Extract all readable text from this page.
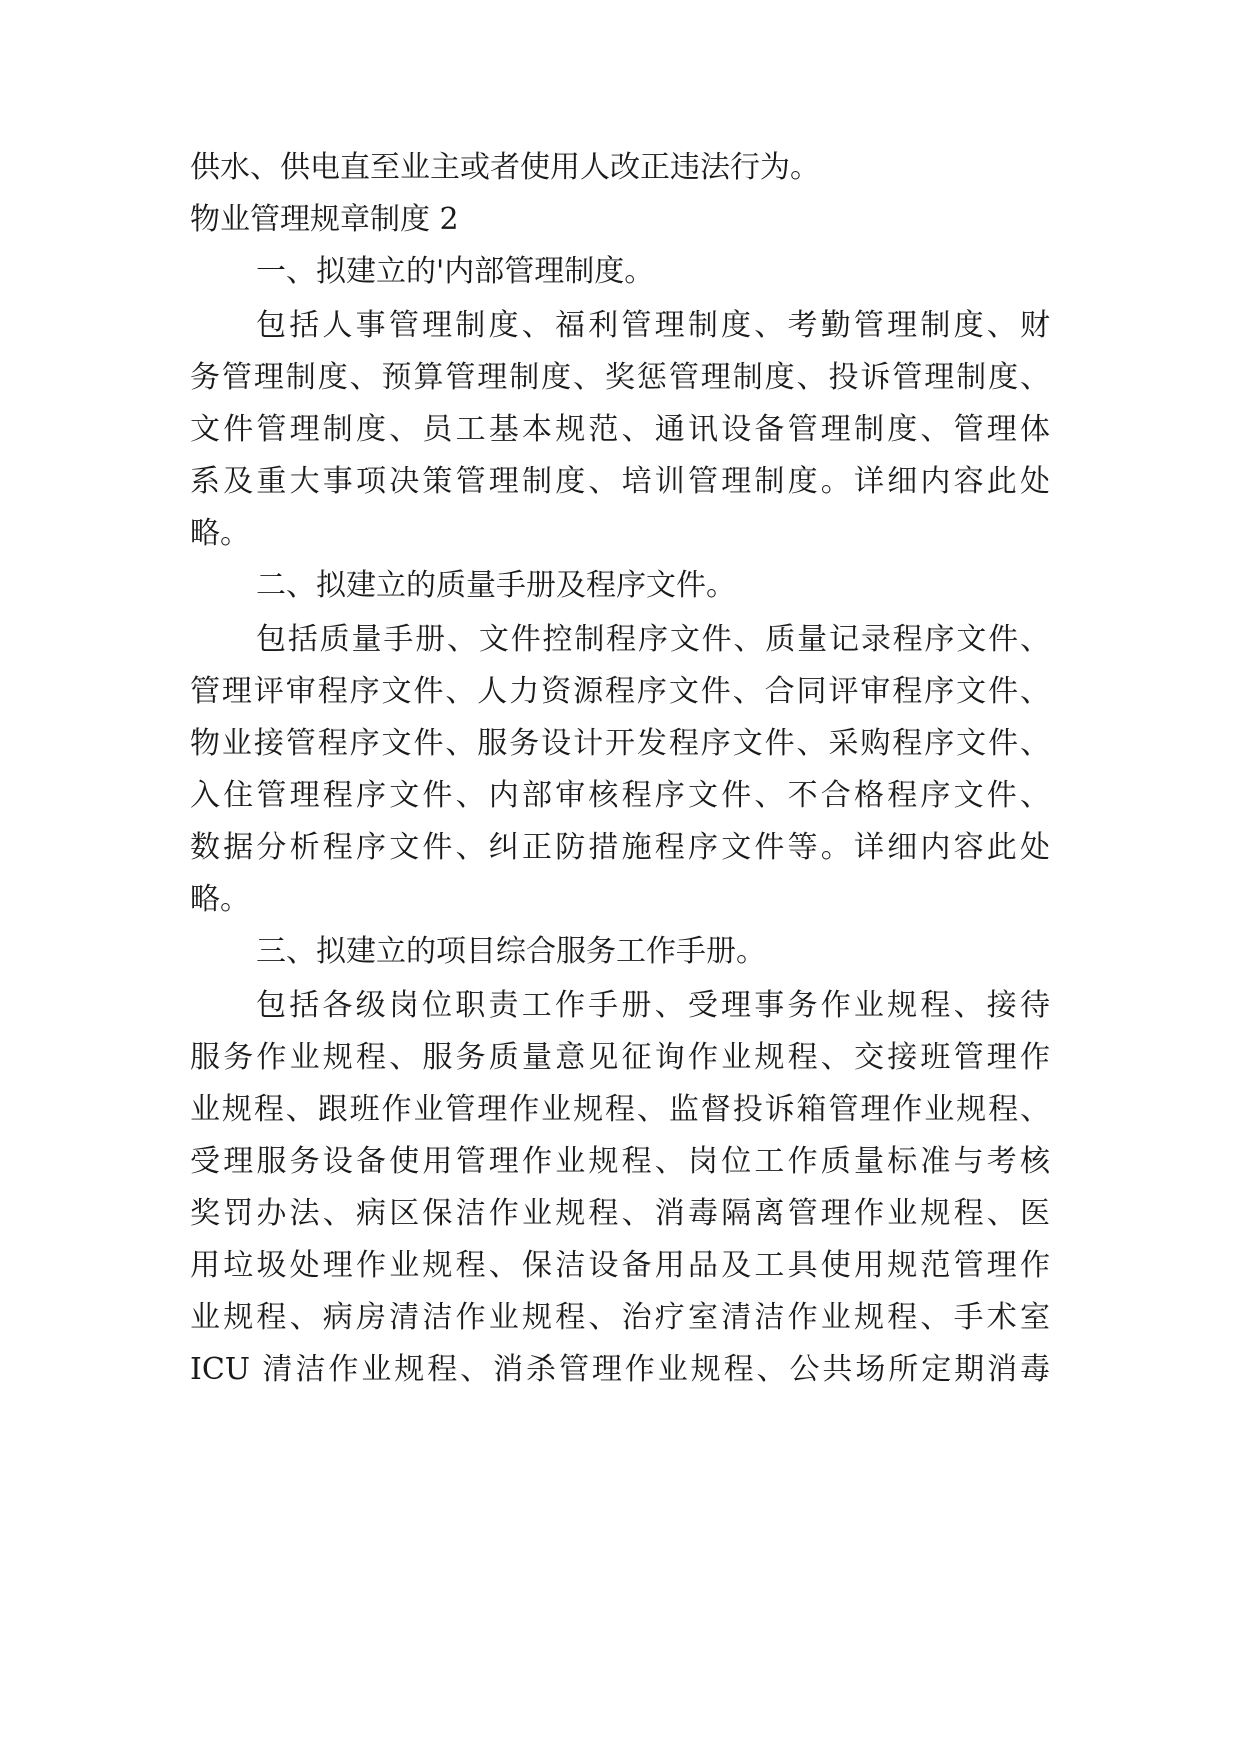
供水、供电直至业主或者使用人改正违法行为。

物业管理规章制度 2

一、拟建立的'内部管理制度。

包括人事管理制度、福利管理制度、考勤管理制度、财

务管理制度、预算管理制度、奖惩管理制度、投诉管理制度、

文件管理制度、员工基本规范、通讯设备管理制度、管理体

系及重大事项决策管理制度、培训管理制度。详细内容此处

略。

二、拟建立的质量手册及程序文件。

包括质量手册、文件控制程序文件、质量记录程序文件、

管理评审程序文件、人力资源程序文件、合同评审程序文件、

物业接管程序文件、服务设计开发程序文件、采购程序文件、

入住管理程序文件、内部审核程序文件、不合格程序文件、

数据分析程序文件、纠正防措施程序文件等。详细内容此处

略。

三、拟建立的项目综合服务工作手册。

包括各级岗位职责工作手册、受理事务作业规程、接待

服务作业规程、服务质量意见征询作业规程、交接班管理作

业规程、跟班作业管理作业规程、监督投诉箱管理作业规程、

受理服务设备使用管理作业规程、岗位工作质量标准与考核

奖罚办法、病区保洁作业规程、消毒隔离管理作业规程、医

用垃圾处理作业规程、保洁设备用品及工具使用规范管理作

业规程、病房清洁作业规程、治疗室清洁作业规程、手术室

ICU 清洁作业规程、消杀管理作业规程、公共场所定期消毒
